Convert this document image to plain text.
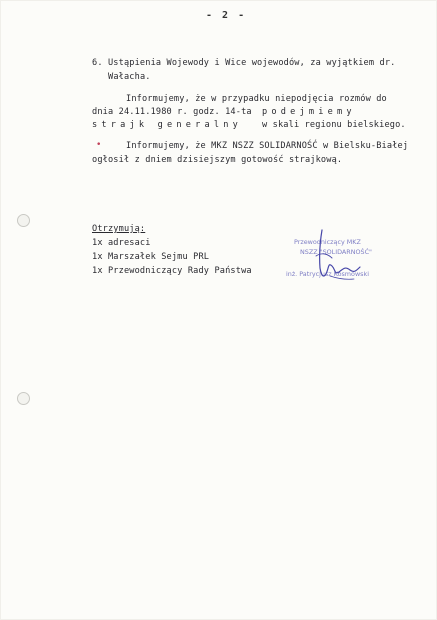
- 2 -
6. Ustąpienia Wojewody i Wice wojewodów, za wyjątkiem dr.
Wałacha.
Informujemy, że w przypadku niepodjęcia rozmów do
dnia 24.11.1980 r. godz. 14-ta podejmiemy
strajk generalny w skali regionu bielskiego.
•	Informujemy, że MKZ NSZZ SOLIDARNOŚĆ w Bielsku-Białej
ogłosił z dniem dzisiejszym gotowość strajkową.
Otrzymują:
1x adresaci
1x Marszałek Sejmu PRL
1x Przewodniczący Rady Państwa
Przewodniczący MKZ
NSZZ "SOLIDARNOŚĆ"
inż. Patrycjusz Kosmowski
